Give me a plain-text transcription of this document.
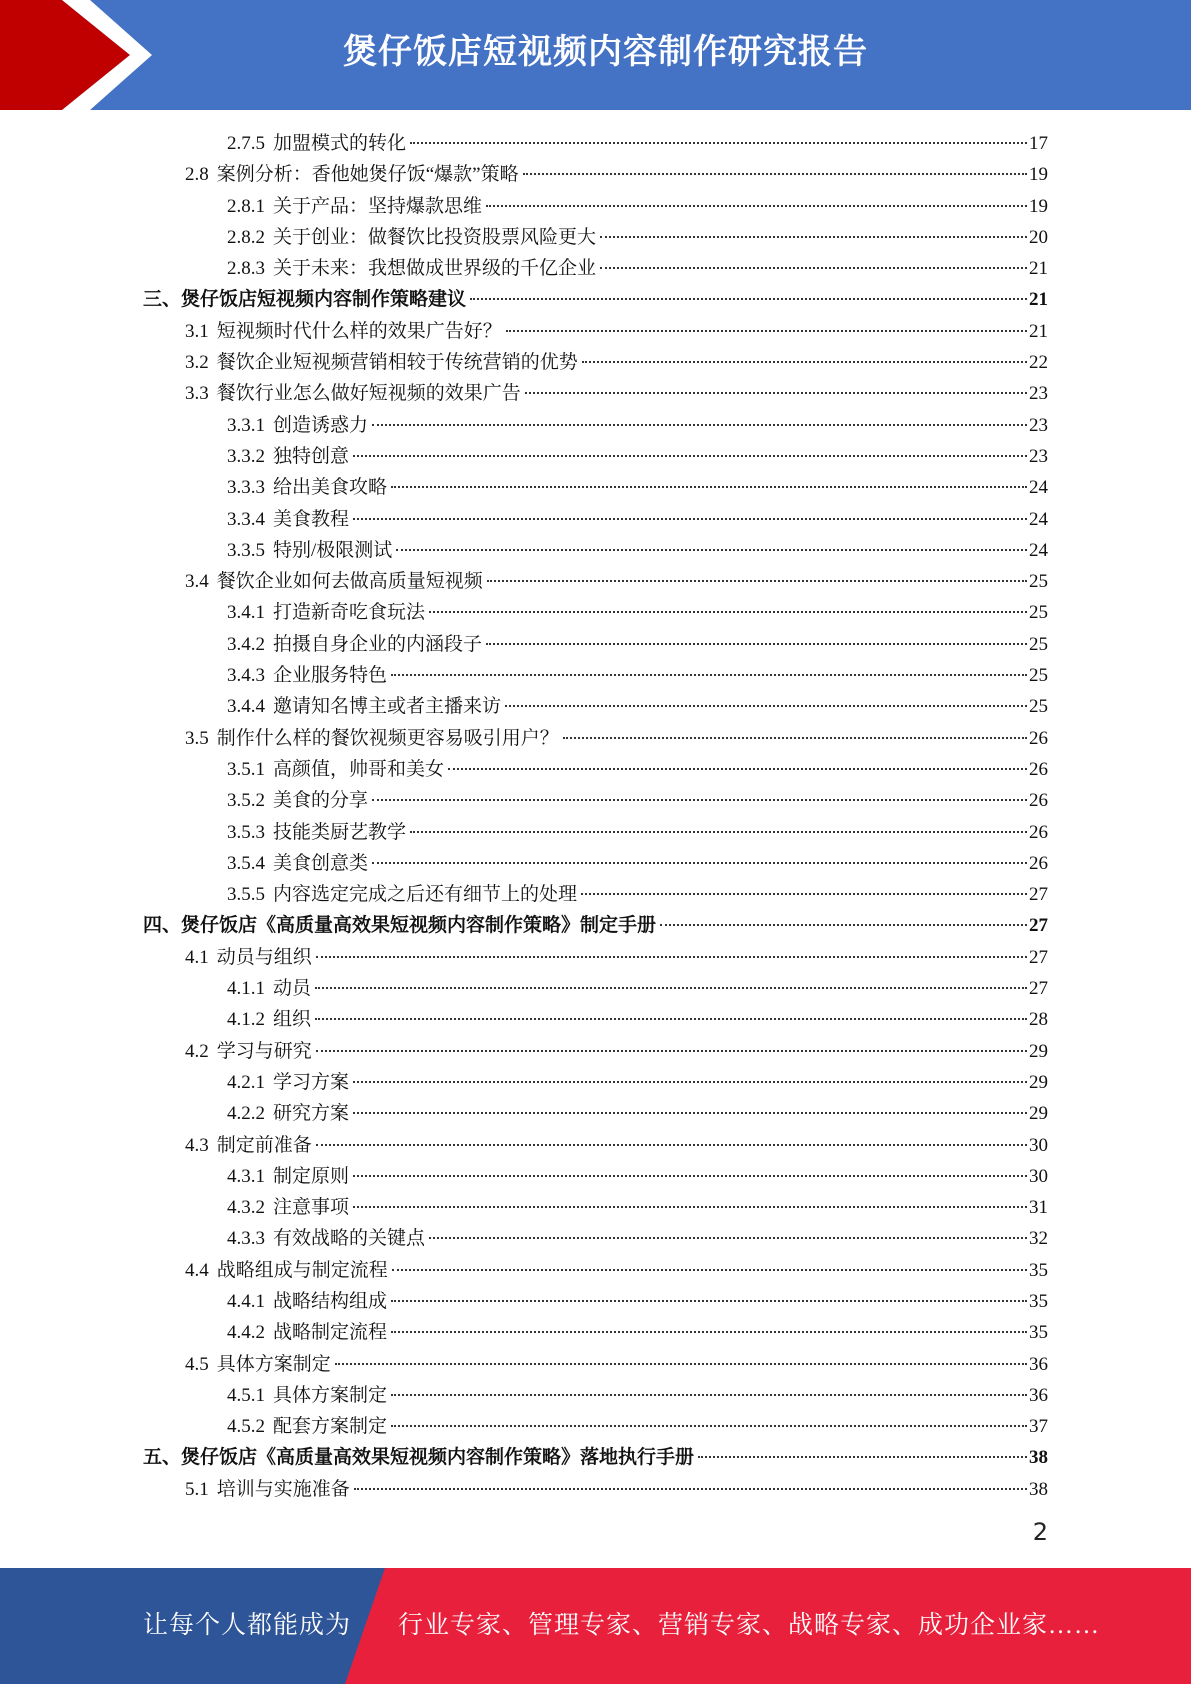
煲仔饭店短视频内容制作研究报告
2.7.5 加盟模式的转化	17
2.8 案例分析：香他她煲仔饭“爆款”策略	19
2.8.1 关于产品：坚持爆款思维	19
2.8.2 关于创业：做餐饮比投资股票风险更大	20
2.8.3 关于未来：我想做成世界级的千亿企业	21
三、煲仔饭店短视频内容制作策略建议	21
3.1 短视频时代什么样的效果广告好？	21
3.2 餐饮企业短视频营销相较于传统营销的优势	22
3.3 餐饮行业怎么做好短视频的效果广告	23
3.3.1 创造诱惑力	23
3.3.2 独特创意	23
3.3.3 给出美食攻略	24
3.3.4 美食教程	24
3.3.5 特别/极限测试	24
3.4 餐饮企业如何去做高质量短视频	25
3.4.1 打造新奇吃食玩法	25
3.4.2 拍摄自身企业的内涵段子	25
3.4.3 企业服务特色	25
3.4.4 邀请知名博主或者主播来访	25
3.5 制作什么样的餐饮视频更容易吸引用户？	26
3.5.1 高颜值，帅哥和美女	26
3.5.2 美食的分享	26
3.5.3 技能类厨艺教学	26
3.5.4 美食创意类	26
3.5.5 内容选定完成之后还有细节上的处理	27
四、煲仔饭店《高质量高效果短视频内容制作策略》制定手册	27
4.1 动员与组织	27
4.1.1 动员	27
4.1.2 组织	28
4.2 学习与研究	29
4.2.1 学习方案	29
4.2.2 研究方案	29
4.3 制定前准备	30
4.3.1 制定原则	30
4.3.2 注意事项	31
4.3.3 有效战略的关键点	32
4.4 战略组成与制定流程	35
4.4.1 战略结构组成	35
4.4.2 战略制定流程	35
4.5 具体方案制定	36
4.5.1 具体方案制定	36
4.5.2 配套方案制定	37
五、煲仔饭店《高质量高效果短视频内容制作策略》落地执行手册	38
5.1 培训与实施准备	38
2
让每个人都能成为 行业专家、管理专家、营销专家、战略专家、成功企业家……
